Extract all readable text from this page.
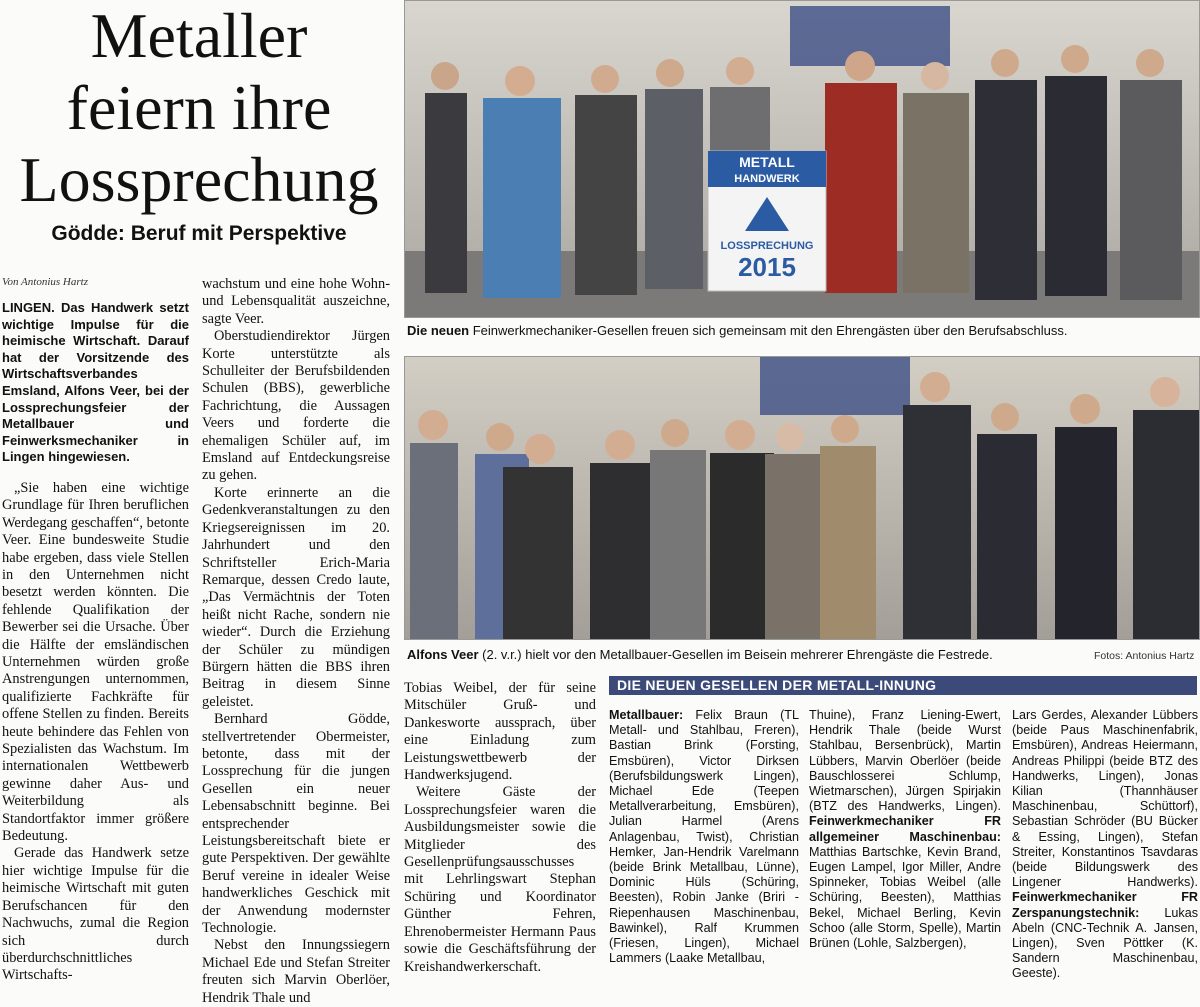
Metaller
feiern ihre
Lossprechung
Gödde: Beruf mit Perspektive
Von Antonius Hartz

LINGEN. Das Handwerk setzt wichtige Impulse für die heimische Wirtschaft. Darauf hat der Vorsitzende des Wirtschaftsverbandes Emsland, Alfons Veer, bei der Lossprechungsfeier der Metallbauer und Feinwerksmechaniker in Lingen hingewiesen.

„Sie haben eine wichtige Grundlage für Ihren beruflichen Werdegang geschaffen“, betonte Veer. Eine bundesweite Studie habe ergeben, dass viele Stellen in den Unternehmen nicht besetzt werden könnten. Die fehlende Qualifikation der Bewerber sei die Ursache. Über die Hälfte der emsländischen Unternehmen würden große Anstrengungen unternommen, qualifizierte Fachkräfte für offene Stellen zu finden. Bereits heute behindere das Fehlen von Spezialisten das Wachstum. Im internationalen Wettbewerb gewinne daher Aus- und Weiterbildung als Standortfaktor immer größere Bedeutung.

Gerade das Handwerk setze hier wichtige Impulse für die heimische Wirtschaft mit guten Berufschancen für den Nachwuchs, zumal die Region sich durch überdurchschnittliches Wirtschafts-

wachstum und eine hohe Wohn- und Lebensqualität auszeichne, sagte Veer.

Oberstudiendirektor Jürgen Korte unterstützte als Schulleiter der Berufsbildenden Schulen (BBS), gewerbliche Fachrichtung, die Aussagen Veers und forderte die ehemaligen Schüler auf, im Emsland auf Entdeckungsreise zu gehen.

Korte erinnerte an die Gedenkveranstaltungen zu den Kriegsereignissen im 20. Jahrhundert und den Schriftsteller Erich-Maria Remarque, dessen Credo laute, „Das Vermächtnis der Toten heißt nicht Rache, sondern nie wieder“. Durch die Erziehung der Schüler zu mündigen Bürgern hätten die BBS ihren Beitrag in diesem Sinne geleistet.

Bernhard Gödde, stellvertretender Obermeister, betonte, dass mit der Lossprechung für die jungen Gesellen ein neuer Lebensabschnitt beginne. Bei entsprechender Leistungsbereitschaft biete er gute Perspektiven. Der gewählte Beruf vereine in idealer Weise handwerkliches Geschick mit der Anwendung modernster Technologie.

Nebst den Innungssiegern Michael Ede und Stefan Streiter freuten sich Marvin Oberlöer, Hendrik Thale und

METALL
HANDWERK
LOSSPRECHUNG
2015
Die neuen Feinwerkmechaniker-Gesellen freuen sich gemeinsam mit den Ehrengästen über den Berufsabschluss.
Alfons Veer (2. v.r.) hielt vor den Metallbauer-Gesellen im Beisein mehrerer Ehrengäste die Festrede.	Fotos: Antonius Hartz

Tobias Weibel, der für seine Mitschüler Gruß- und Dankesworte aussprach, über eine Einladung zum Leistungswettbewerb der Handwerksjugend.

Weitere Gäste der Lossprechungsfeier waren die Ausbildungsmeister sowie die Mitglieder des Gesellenprüfungsausschusses mit Lehrlingswart Stephan Schüring und Koordinator Günther Fehren, Ehrenobermeister Hermann Paus sowie die Geschäftsführung der Kreishandwerkerschaft.

DIE NEUEN GESELLEN DER METALL-INNUNG
Metallbauer: Felix Braun (TL Metall- und Stahlbau, Freren), Bastian Brink (Forsting, Emsbüren), Victor Dirksen (Berufsbildungswerk Lingen), Michael Ede (Teepen Metallverarbeitung, Emsbüren), Julian Harmel (Arens Anlagenbau, Twist), Christian Hemker, Jan-Hendrik Varelmann (beide Brink Metallbau, Lünne), Dominic Hüls (Schüring, Beesten), Robin Janke (Briri - Riepenhausen Maschinenbau, Bawinkel), Ralf Krummen (Friesen, Lingen), Michael Lammers (Laake Metallbau,
Thuine), Franz Liening-Ewert, Hendrik Thale (beide Wurst Stahlbau, Bersenbrück), Martin Lübbers, Marvin Oberlöer (beide Bauschlosserei Schlump, Wietmarschen), Jürgen Spirjakin (BTZ des Handwerks, Lingen). Feinwerkmechaniker FR allgemeiner Maschinenbau: Matthias Bartschke, Kevin Brand, Eugen Lampel, Igor Miller, Andre Spinneker, Tobias Weibel (alle Schüring, Beesten), Matthias Bekel, Michael Berling, Kevin Schoo (alle Storm, Spelle), Martin Brünen (Lohle, Salzbergen),
Lars Gerdes, Alexander Lübbers (beide Paus Maschinenfabrik, Emsbüren), Andreas Heiermann, Andreas Philippi (beide BTZ des Handwerks, Lingen), Jonas Kilian (Thannhäuser Maschinenbau, Schüttorf), Sebastian Schröder (BU Bücker & Essing, Lingen), Stefan Streiter, Konstantinos Tsavdaras (beide Bildungswerk des Lingener Handwerks). Feinwerkmechaniker FR Zerspanungstechnik: Lukas Abeln (CNC-Technik A. Jansen, Lingen), Sven Pöttker (K. Sandern Maschinenbau, Geeste).
